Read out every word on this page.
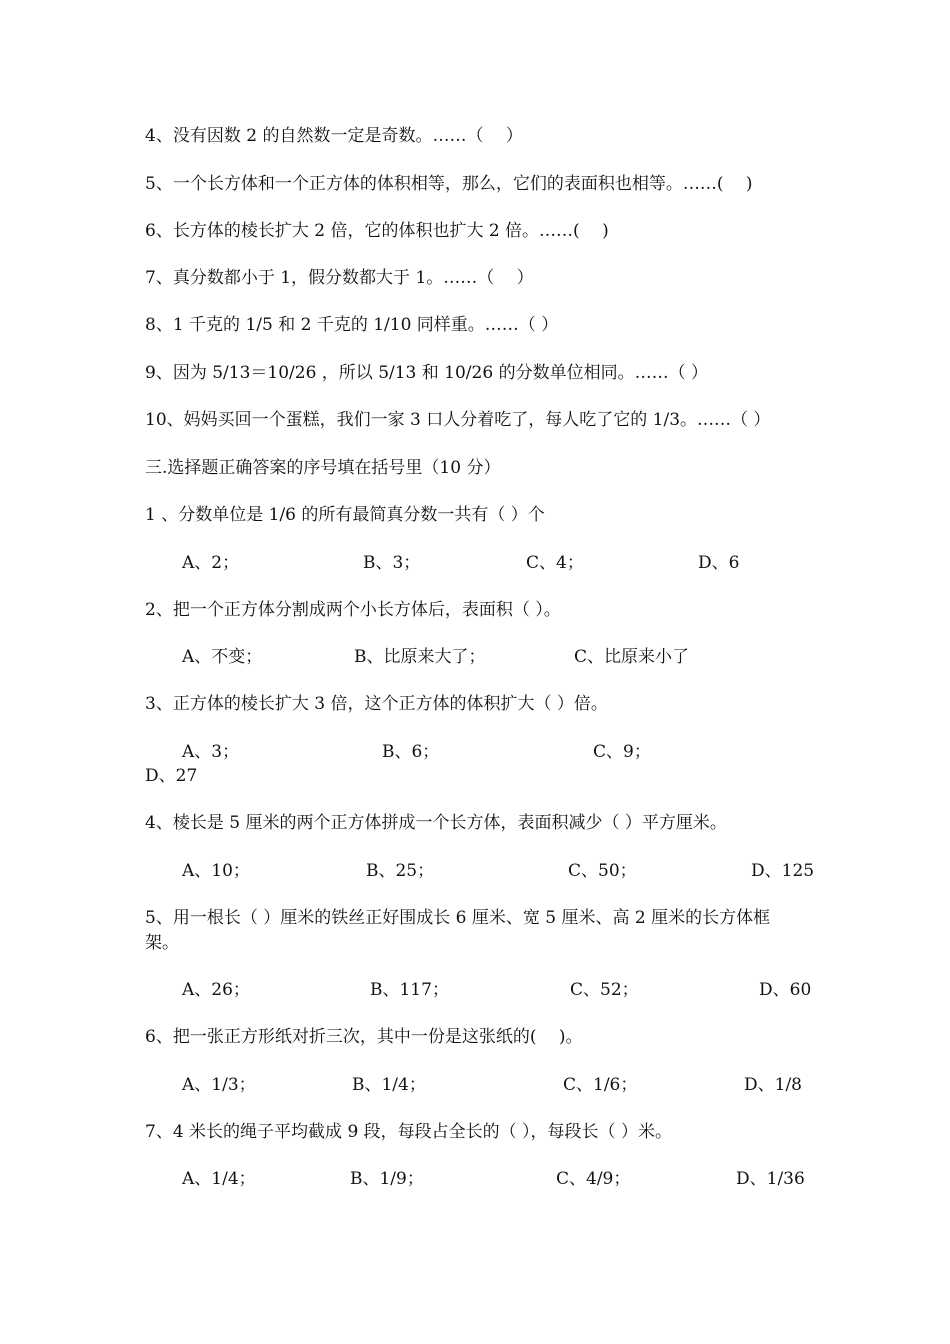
4、没有因数 2 的自然数一定是奇数。……（　 ）
5、一个长方体和一个正方体的体积相等，那么，它们的表面积也相等。……(　 )
6、长方体的棱长扩大 2 倍，它的体积也扩大 2 倍。……(　 )
7、真分数都小于 1，假分数都大于 1。……（　 ）
8、1 千克的 1/5 和 2 千克的 1/10 同样重。……（ ）
9、因为 5/13＝10/26 ，所以 5/13 和 10/26 的分数单位相同。……（ ）
10、妈妈买回一个蛋糕，我们一家 3 口人分着吃了，每人吃了它的 1/3。……（ ）
三.选择题正确答案的序号填在括号里（10 分）
1 、分数单位是 1/6 的所有最简真分数一共有（ ）个
A、2；	B、3；	C、4；	D、6
2、把一个正方体分割成两个小长方体后，表面积（ ）。
A、不变；	B、比原来大了；	C、比原来小了
3、正方体的棱长扩大 3 倍，这个正方体的体积扩大（ ）倍。
A、3；	B、6；	C、9；
D、27
4、棱长是 5 厘米的两个正方体拼成一个长方体，表面积减少（ ）平方厘米。
A、10；	B、25；	C、50；	D、125
5、用一根长（ ）厘米的铁丝正好围成长 6 厘米、宽 5 厘米、高 2 厘米的长方体框
架。
A、26；	B、117；	C、52；	D、60
6、把一张正方形纸对折三次，其中一份是这张纸的(　 )。
A、1/3；	B、1/4；	C、1/6；	D、1/8
7、4 米长的绳子平均截成 9 段，每段占全长的（ ），每段长（ ）米。
A、1/4；	B、1/9；	C、4/9；	D、1/36
